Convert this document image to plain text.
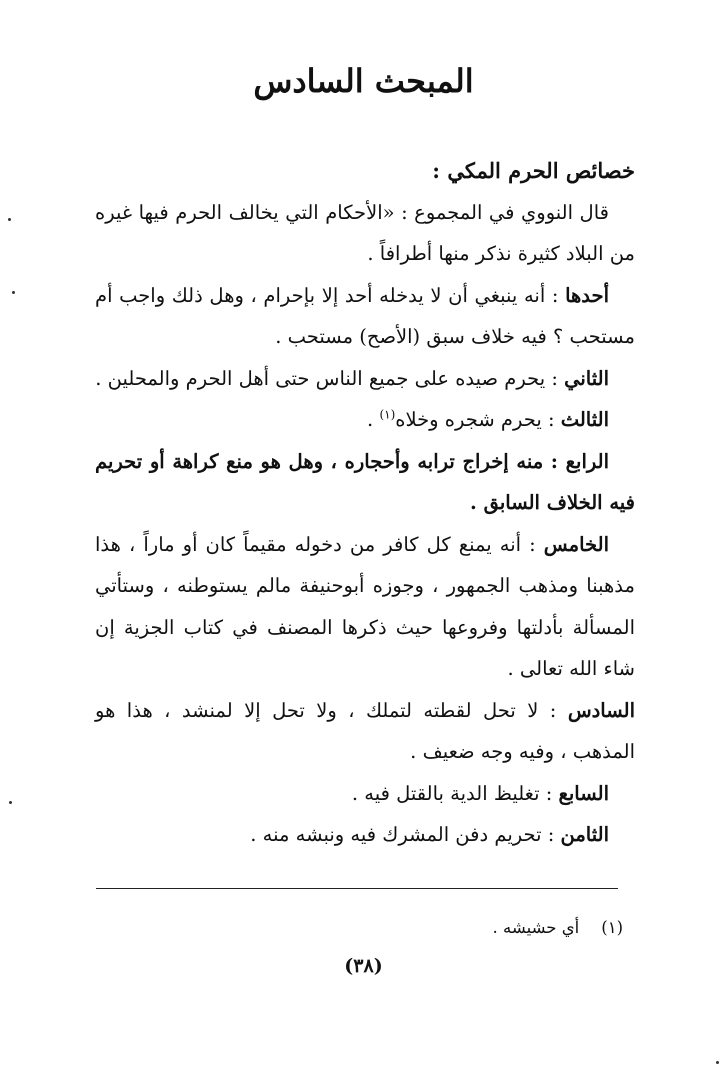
المبحث السادس

خصائص الحرم المكي :

قال النووي في المجموع : «الأحكام التي يخالف الحرم فيها غيره من البلاد كثيرة نذكر منها أطرافاً .

أحدها : أنه ينبغي أن لا يدخله أحد إلا بإحرام ، وهل ذلك واجب أم مستحب ؟ فيه خلاف سبق (الأصح) مستحب .

الثاني : يحرم صيده على جميع الناس حتى أهل الحرم والمحلين .

الثالث : يحرم شجره وخلاه$^{(١)}$ .

الرابع : منه إخراج ترابه وأحجاره ، وهل هو منع كراهة أو تحريم فيه الخلاف السابق .

الخامس : أنه يمنع كل كافر من دخوله مقيماً كان أو ماراً ، هذا مذهبنا ومذهب الجمهور ، وجوزه أبوحنيفة مالم يستوطنه ، وستأتي المسألة بأدلتها وفروعها حيث ذكرها المصنف في كتاب الجزية إن شاء الله تعالى .

السادس : لا تحل لقطته لتملك ، ولا تحل إلا لمنشد ، هذا هو المذهب ، وفيه وجه ضعيف .

السابع : تغليظ الدية بالقتل فيه .

الثامن : تحريم دفن المشرك فيه ونبشه منه .

(١)أي حشيشه .
(٣٨)
